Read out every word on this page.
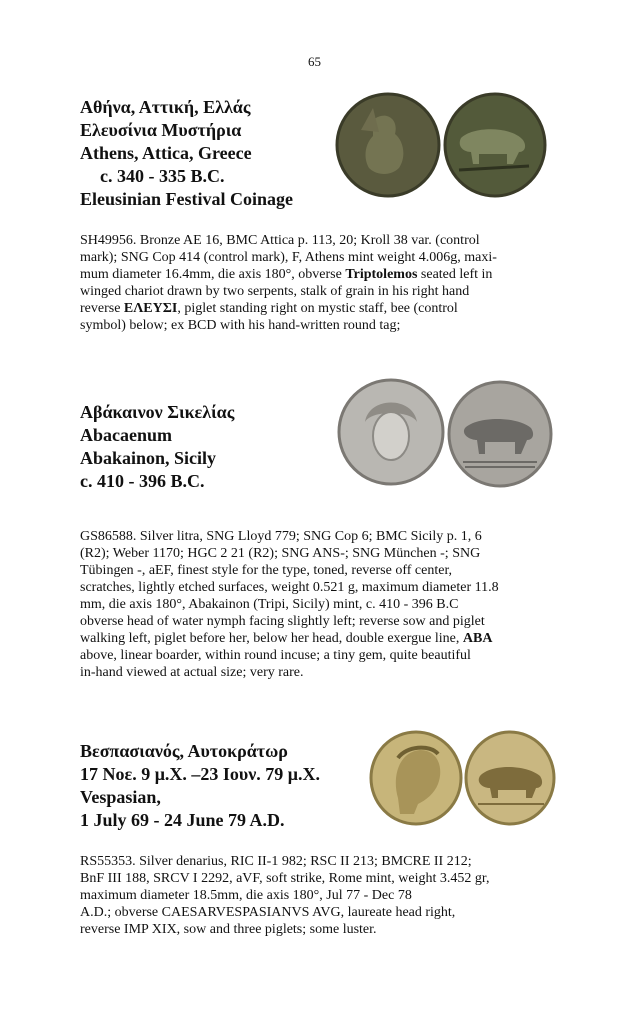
65
Αθήνα, Αττική, Ελλάς
Ελευσίνια Μυστήρια
Athens, Attica, Greece
c. 340 - 335 B.C.
Eleusinian Festival Coinage
SH49956. Bronze AE 16, BMC Attica p. 113, 20; Kroll 38 var. (control
mark); SNG Cop 414 (control mark), F, Athens mint weight 4.006g, maxi-
mum diameter 16.4mm, die axis 180°, obverse Triptolemos seated left in
winged chariot drawn by two serpents, stalk of grain in his right hand
reverse ΕΛΕΥΣΙ, piglet standing right on mystic staff, bee (control
symbol) below; ex BCD with his hand-written round tag;
Αβάκαινον Σικελίας
Abacaenum
Abakainon, Sicily
c. 410 - 396 B.C.
GS86588. Silver litra, SNG Lloyd 779; SNG Cop 6; BMC Sicily p. 1, 6
(R2); Weber 1170; HGC 2 21 (R2); SNG ANS-; SNG München -; SNG
Tübingen -, aEF, finest style for the type, toned, reverse off center,
scratches, lightly etched surfaces, weight 0.521 g, maximum diameter 11.8
mm, die axis 180°, Abakainon (Tripi, Sicily) mint, c. 410 - 396 B.C
obverse head of water nymph facing slightly left; reverse sow and piglet
walking left, piglet before her, below her head, double exergue line, ABA
above, linear boarder, within round incuse; a tiny gem, quite beautiful
in-hand viewed at actual size; very rare.
Βεσπασιανός, Αυτοκράτωρ
17 Νοε. 9 μ.Χ. –23 Ιουν. 79 μ.Χ.
Vespasian,
1 July 69 - 24 June 79 A.D.
RS55353. Silver denarius, RIC II-1 982; RSC II 213; BMCRE II 212;
BnF III 188, SRCV I 2292, aVF, soft strike, Rome mint, weight 3.452 gr,
maximum diameter 18.5mm, die axis 180°, Jul 77 - Dec 78
A.D.; obverse CAESARVESPASIANVS AVG, laureate head right,
reverse IMP XIX, sow and three piglets; some luster.
